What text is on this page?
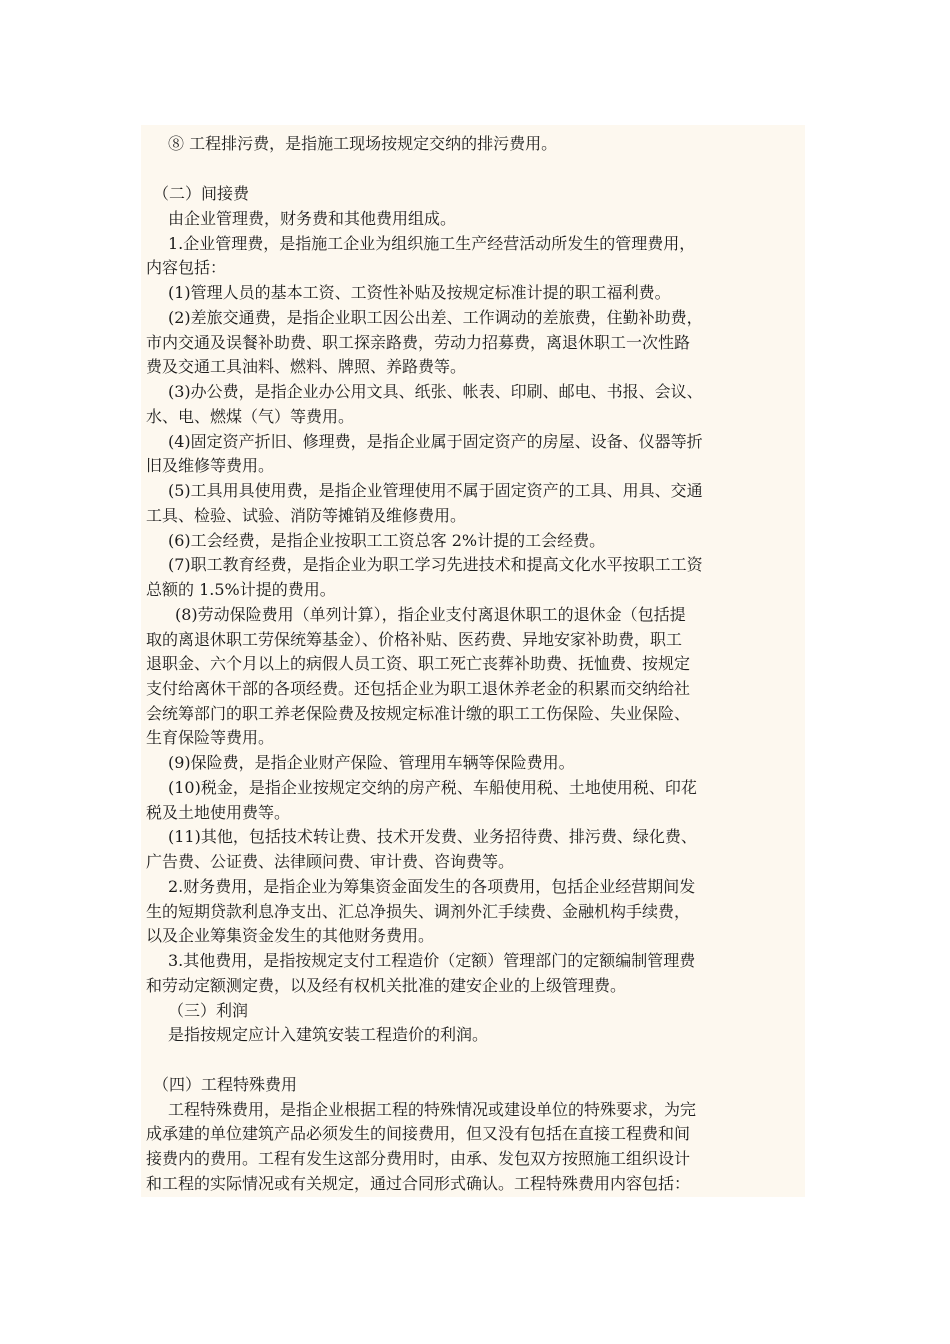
⑧ 工程排污费，是指施工现场按规定交纳的排污费用。
（二）间接费
由企业管理费，财务费和其他费用组成。
1.企业管理费，是指施工企业为组织施工生产经营活动所发生的管理费用，
内容包括：
(1)管理人员的基本工资、工资性补贴及按规定标准计提的职工福利费。
(2)差旅交通费，是指企业职工因公出差、工作调动的差旅费，住勤补助费，
市内交通及误餐补助费、职工探亲路费，劳动力招募费，离退休职工一次性路
费及交通工具油料、燃料、牌照、养路费等。
(3)办公费，是指企业办公用文具、纸张、帐表、印刷、邮电、书报、会议、
水、电、燃煤（气）等费用。
(4)固定资产折旧、修理费，是指企业属于固定资产的房屋、设备、仪器等折
旧及维修等费用。
(5)工具用具使用费，是指企业管理使用不属于固定资产的工具、用具、交通
工具、检验、试验、消防等摊销及维修费用。
(6)工会经费，是指企业按职工工资总客 2%计提的工会经费。
(7)职工教育经费，是指企业为职工学习先进技术和提高文化水平按职工工资
总额的 1.5%计提的费用。
(8)劳动保险费用（单列计算），指企业支付离退休职工的退休金（包括提
取的离退休职工劳保统筹基金）、价格补贴、医药费、异地安家补助费，职工
退职金、六个月以上的病假人员工资、职工死亡丧葬补助费、抚恤费、按规定
支付给离休干部的各项经费。还包括企业为职工退休养老金的积累而交纳给社
会统筹部门的职工养老保险费及按规定标准计缴的职工工伤保险、失业保险、
生育保险等费用。
(9)保险费，是指企业财产保险、管理用车辆等保险费用。
(10)税金，是指企业按规定交纳的房产税、车船使用税、土地使用税、印花
税及土地使用费等。
(11)其他，包括技术转让费、技术开发费、业务招待费、排污费、绿化费、
广告费、公证费、法律顾问费、审计费、咨询费等。
2.财务费用，是指企业为筹集资金面发生的各项费用，包括企业经营期间发
生的短期贷款利息净支出、汇总净损失、调剂外汇手续费、金融机构手续费，
以及企业筹集资金发生的其他财务费用。
3.其他费用，是指按规定支付工程造价（定额）管理部门的定额编制管理费
和劳动定额测定费，以及经有权机关批准的建安企业的上级管理费。
（三）利润
是指按规定应计入建筑安装工程造价的利润。
（四）工程特殊费用
工程特殊费用，是指企业根据工程的特殊情况或建设单位的特殊要求，为完
成承建的单位建筑产品必须发生的间接费用，但又没有包括在直接工程费和间
接费内的费用。工程有发生这部分费用时，由承、发包双方按照施工组织设计
和工程的实际情况或有关规定，通过合同形式确认。工程特殊费用内容包括：
